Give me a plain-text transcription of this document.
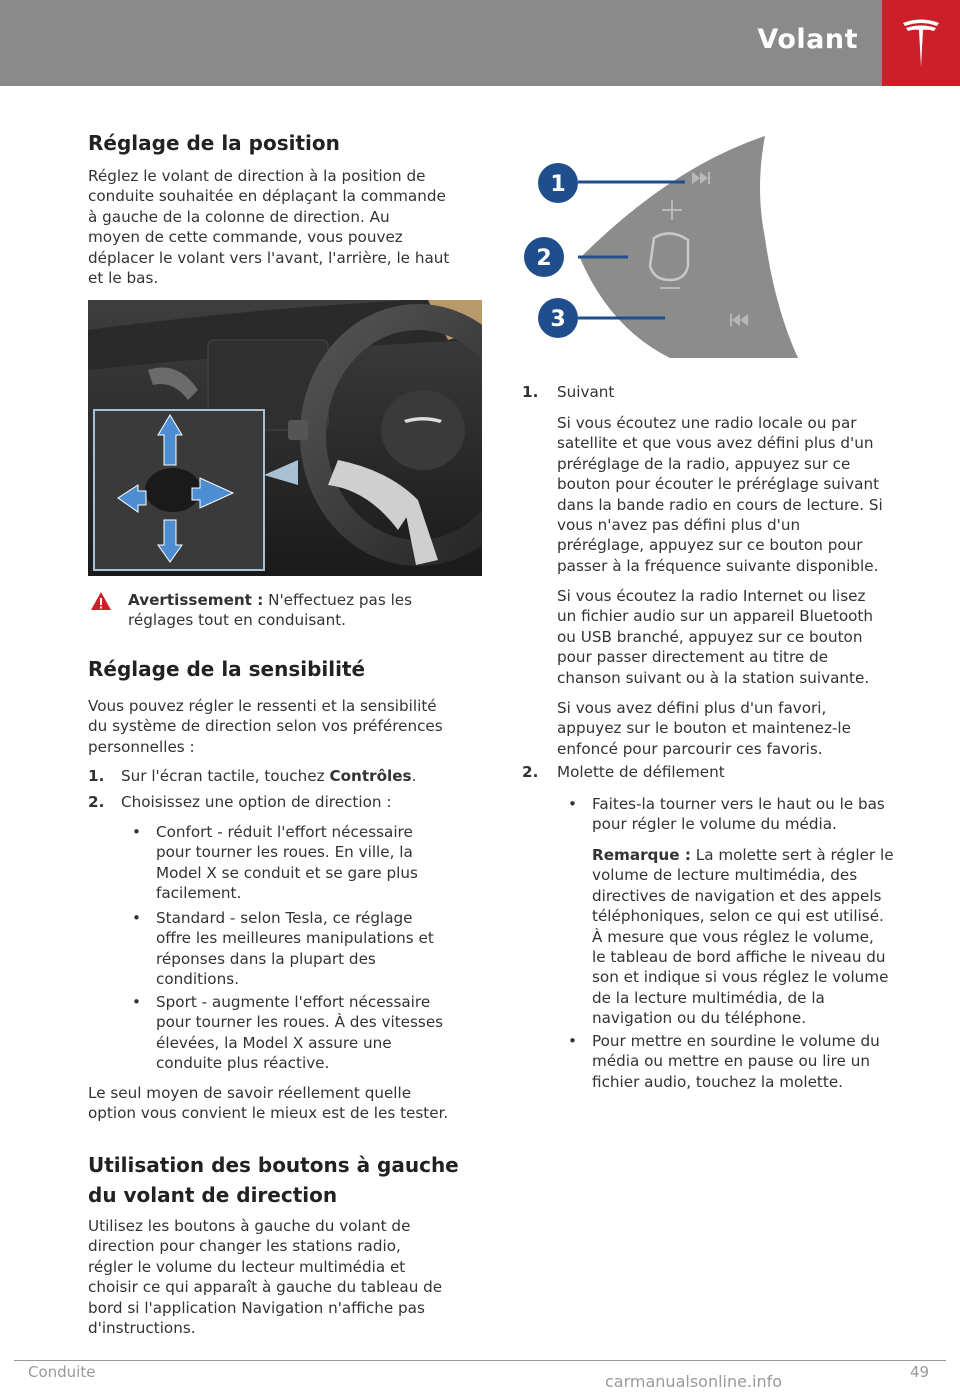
Volant
Réglage de la position
Réglez le volant de direction à la position de
conduite souhaitée en déplaçant la commande
à gauche de la colonne de direction. Au
moyen de cette commande, vous pouvez
déplacer le volant vers l'avant, l'arrière, le haut
et le bas.
Avertissement : N'effectuez pas les
réglages tout en conduisant.
Réglage de la sensibilité
Vous pouvez régler le ressenti et la sensibilité
du système de direction selon vos préférences
personnelles :
1. Sur l'écran tactile, touchez Contrôles.
2. Choisissez une option de direction :
• Confort - réduit l'effort nécessaire
pour tourner les roues. En ville, la
Model X se conduit et se gare plus
facilement.
• Standard - selon Tesla, ce réglage
offre les meilleures manipulations et
réponses dans la plupart des
conditions.
• Sport - augmente l'effort nécessaire
pour tourner les roues. À des vitesses
élevées, la Model X assure une
conduite plus réactive.
Le seul moyen de savoir réellement quelle
option vous convient le mieux est de les tester.
Utilisation des boutons à gauche
du volant de direction
Utilisez les boutons à gauche du volant de
direction pour changer les stations radio,
régler le volume du lecteur multimédia et
choisir ce qui apparaît à gauche du tableau de
bord si l'application Navigation n'affiche pas
d'instructions.
1
2
3
1. Suivant
Si vous écoutez une radio locale ou par
satellite et que vous avez défini plus d'un
préréglage de la radio, appuyez sur ce
bouton pour écouter le préréglage suivant
dans la bande radio en cours de lecture. Si
vous n'avez pas défini plus d'un
préréglage, appuyez sur ce bouton pour
passer à la fréquence suivante disponible.
Si vous écoutez la radio Internet ou lisez
un fichier audio sur un appareil Bluetooth
ou USB branché, appuyez sur ce bouton
pour passer directement au titre de
chanson suivant ou à la station suivante.
Si vous avez défini plus d'un favori,
appuyez sur le bouton et maintenez-le
enfoncé pour parcourir ces favoris.
2. Molette de défilement
• Faites-la tourner vers le haut ou le bas
pour régler le volume du média.
Remarque : La molette sert à régler le
volume de lecture multimédia, des
directives de navigation et des appels
téléphoniques, selon ce qui est utilisé.
À mesure que vous réglez le volume,
le tableau de bord affiche le niveau du
son et indique si vous réglez le volume
de la lecture multimédia, de la
navigation ou du téléphone.
• Pour mettre en sourdine le volume du
média ou mettre en pause ou lire un
fichier audio, touchez la molette.
Conduite	49
carmanualsonline.info
